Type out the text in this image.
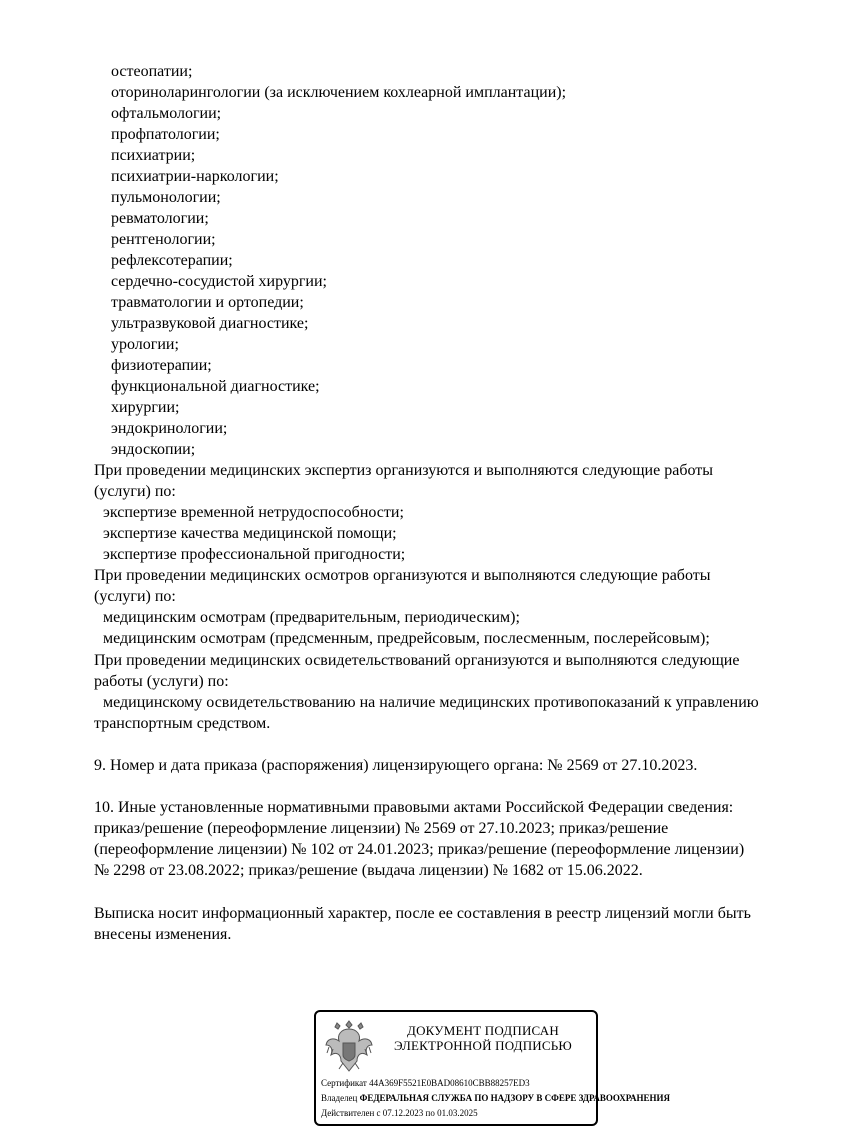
остеопатии;
оториноларингологии (за исключением кохлеарной имплантации);
офтальмологии;
профпатологии;
психиатрии;
психиатрии-наркологии;
пульмонологии;
ревматологии;
рентгенологии;
рефлексотерапии;
сердечно-сосудистой хирургии;
травматологии и ортопедии;
ультразвуковой диагностике;
урологии;
физиотерапии;
функциональной диагностике;
хирургии;
эндокринологии;
эндоскопии;
При проведении медицинских экспертиз организуются и выполняются следующие работы
(услуги) по:
экспертизе временной нетрудоспособности;
экспертизе качества медицинской помощи;
экспертизе профессиональной пригодности;
При проведении медицинских осмотров организуются и выполняются следующие работы
(услуги) по:
медицинским осмотрам (предварительным, периодическим);
медицинским осмотрам (предсменным, предрейсовым, послесменным, послерейсовым);
При проведении медицинских освидетельствований организуются и выполняются следующие
работы (услуги) по:
медицинскому освидетельствованию на наличие медицинских противопоказаний к управлению
транспортным средством.
9. Номер и дата приказа (распоряжения) лицензирующего органа: № 2569 от 27.10.2023.
10. Иные установленные нормативными правовыми актами Российской Федерации сведения:
приказ/решение (переоформление лицензии) № 2569 от 27.10.2023; приказ/решение
(переоформление лицензии) № 102 от 24.01.2023; приказ/решение (переоформление лицензии)
№ 2298 от 23.08.2022; приказ/решение (выдача лицензии) № 1682 от 15.06.2022.
Выписка носит информационный характер, после ее составления в реестр лицензий могли быть
внесены изменения.
ДОКУМЕНТ ПОДПИСАН
ЭЛЕКТРОННОЙ ПОДПИСЬЮ
Сертификат 44A369F5521E0BAD08610CBB88257ED3
Владелец ФЕДЕРАЛЬНАЯ СЛУЖБА ПО НАДЗОРУ В СФЕРЕ ЗДРАВООХРАНЕНИЯ
Действителен с 07.12.2023 по 01.03.2025
